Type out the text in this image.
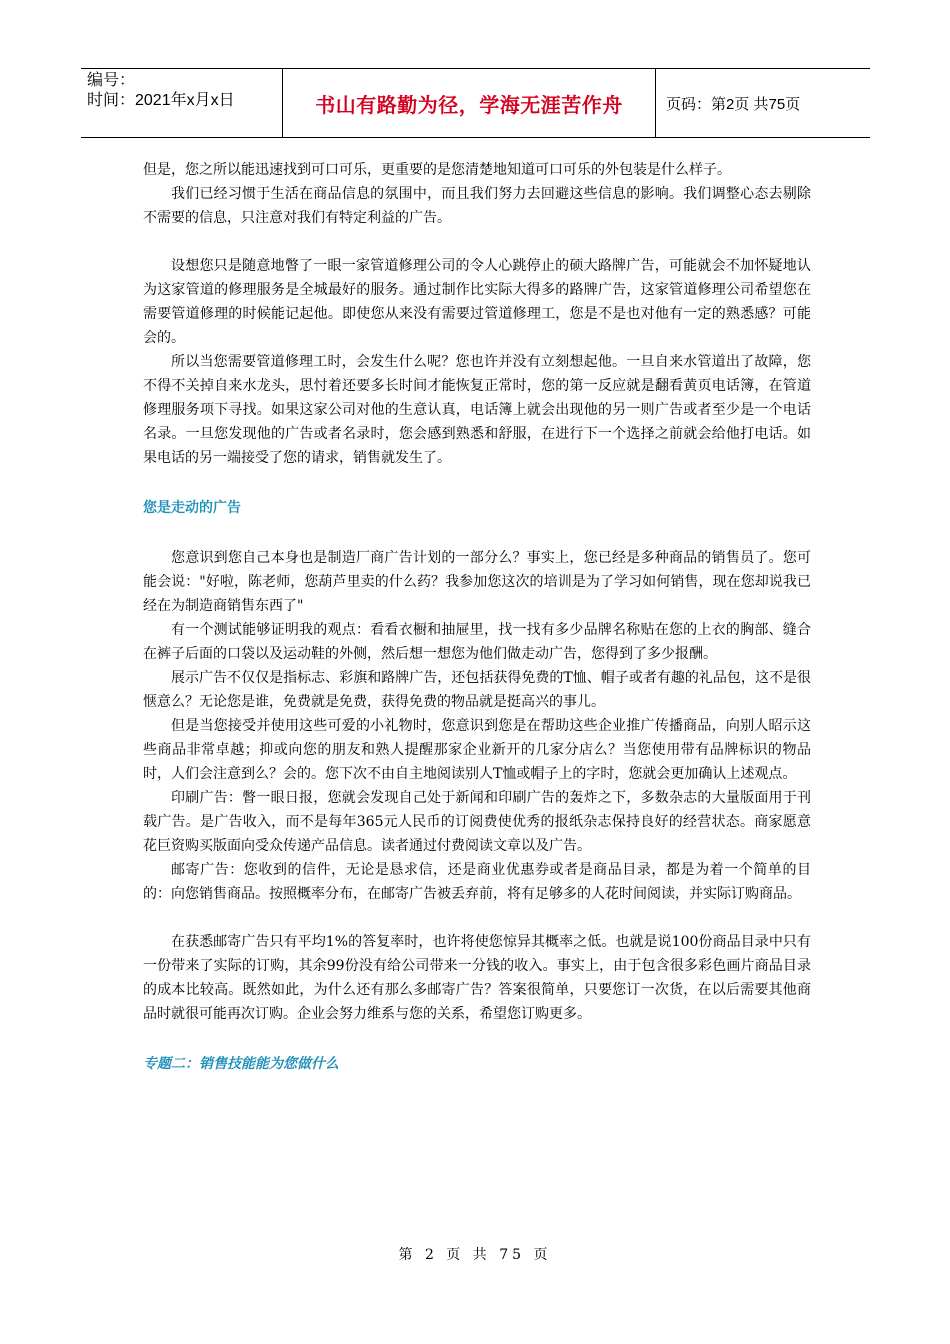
编号：
时间：2021年x月x日	书山有路勤为径，学海无涯苦作舟	页码：第2页 共75页

但是，您之所以能迅速找到可口可乐，更重要的是您清楚地知道可口可乐的外包装是什么样子。

我们已经习惯于生活在商品信息的氛围中，而且我们努力去回避这些信息的影响。我们调整心态去剔除不需要的信息，只注意对我们有特定利益的广告。

设想您只是随意地瞥了一眼一家管道修理公司的令人心跳停止的硕大路牌广告，可能就会不加怀疑地认为这家管道的修理服务是全城最好的服务。通过制作比实际大得多的路牌广告，这家管道修理公司希望您在需要管道修理的时候能记起他。即使您从来没有需要过管道修理工，您是不是也对他有一定的熟悉感？可能会的。

所以当您需要管道修理工时，会发生什么呢？您也许并没有立刻想起他。一旦自来水管道出了故障，您不得不关掉自来水龙头，思忖着还要多长时间才能恢复正常时，您的第一反应就是翻看黄页电话簿，在管道修理服务项下寻找。如果这家公司对他的生意认真，电话簿上就会出现他的另一则广告或者至少是一个电话名录。一旦您发现他的广告或者名录时，您会感到熟悉和舒服，在进行下一个选择之前就会给他打电话。如果电话的另一端接受了您的请求，销售就发生了。

您是走动的广告

您意识到您自己本身也是制造厂商广告计划的一部分么？事实上，您已经是多种商品的销售员了。您可能会说："好啦，陈老师，您葫芦里卖的什么药？我参加您这次的培训是为了学习如何销售，现在您却说我已经在为制造商销售东西了"

有一个测试能够证明我的观点：看看衣橱和抽屉里，找一找有多少品牌名称贴在您的上衣的胸部、缝合在裤子后面的口袋以及运动鞋的外侧，然后想一想您为他们做走动广告，您得到了多少报酬。

展示广告不仅仅是指标志、彩旗和路牌广告，还包括获得免费的T恤、帽子或者有趣的礼品包，这不是很惬意么？无论您是谁，免费就是免费，获得免费的物品就是挺高兴的事儿。

但是当您接受并使用这些可爱的小礼物时，您意识到您是在帮助这些企业推广传播商品，向别人昭示这些商品非常卓越；抑或向您的朋友和熟人提醒那家企业新开的几家分店么？当您使用带有品牌标识的物品时，人们会注意到么？会的。您下次不由自主地阅读别人T恤或帽子上的字时，您就会更加确认上述观点。

印刷广告：瞥一眼日报，您就会发现自己处于新闻和印刷广告的轰炸之下，多数杂志的大量版面用于刊载广告。是广告收入，而不是每年365元人民币的订阅费使优秀的报纸杂志保持良好的经营状态。商家愿意花巨资购买版面向受众传递产品信息。读者通过付费阅读文章以及广告。

邮寄广告：您收到的信件，无论是恳求信，还是商业优惠券或者是商品目录，都是为着一个简单的目的：向您销售商品。按照概率分布，在邮寄广告被丢弃前，将有足够多的人花时间阅读，并实际订购商品。

在获悉邮寄广告只有平均1%的答复率时，也许将使您惊异其概率之低。也就是说100份商品目录中只有一份带来了实际的订购，其余99份没有给公司带来一分钱的收入。事实上，由于包含很多彩色画片商品目录的成本比较高。既然如此，为什么还有那么多邮寄广告？答案很简单，只要您订一次货，在以后需要其他商品时就很可能再次订购。企业会努力维系与您的关系，希望您订购更多。

专题二：销售技能能为您做什么

第 2 页 共 75 页
